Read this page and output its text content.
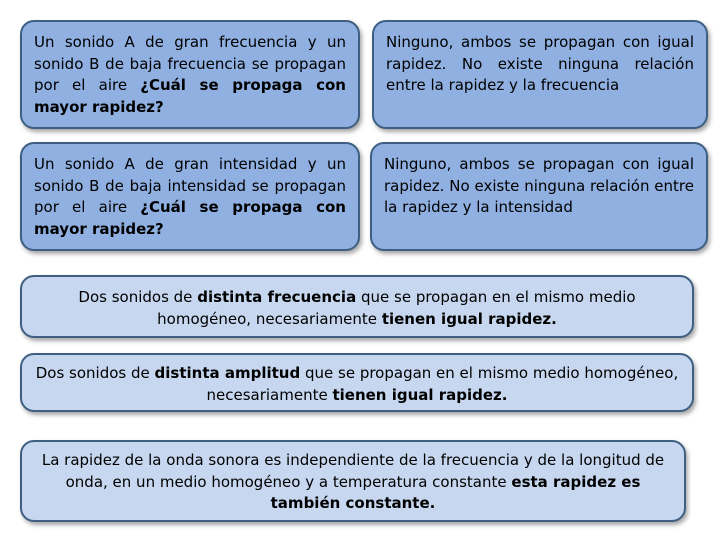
Un sonido A de gran frecuencia y un sonido B de baja frecuencia se propagan por el aire ¿Cuál se propaga con mayor rapidez?
Ninguno, ambos se propagan con igual rapidez. No existe ninguna relación entre la rapidez y la frecuencia
Un sonido A de gran intensidad y un sonido B de baja intensidad se propagan por el aire ¿Cuál se propaga con mayor rapidez?
Ninguno, ambos se propagan con igual rapidez. No existe ninguna relación entre la rapidez y la intensidad
Dos sonidos de distinta frecuencia que se propagan en el mismo medio homogéneo, necesariamente tienen igual rapidez.
Dos sonidos de distinta amplitud que se propagan en el mismo medio homogéneo, necesariamente tienen igual rapidez.
La rapidez de la onda sonora es independiente de la frecuencia y de la longitud de onda, en un medio homogéneo y a temperatura constante esta rapidez es también constante.
